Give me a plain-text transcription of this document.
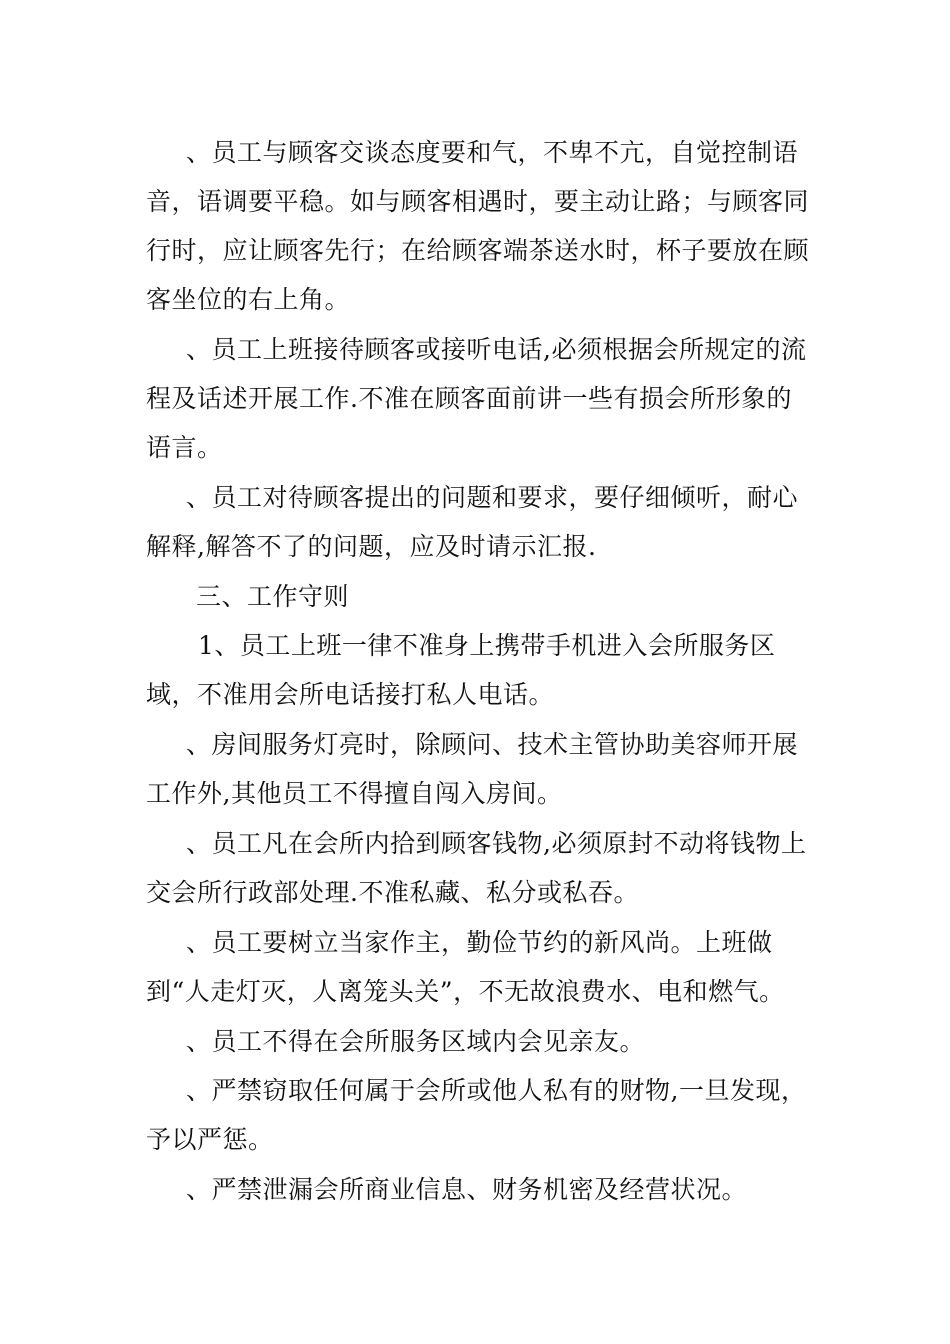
、员工与顾客交谈态度要和气，不卑不亢，自觉控制语音，语调要平稳。如与顾客相遇时，要主动让路；与顾客同行时，应让顾客先行；在给顾客端茶送水时，杯子要放在顾客坐位的右上角。

、员工上班接待顾客或接听电话,必须根据会所规定的流程及话述开展工作.不准在顾客面前讲一些有损会所形象的语言。

、员工对待顾客提出的问题和要求，要仔细倾听，耐心解释,解答不了的问题，应及时请示汇报.

三、工作守则

1、员工上班一律不准身上携带手机进入会所服务区域，不准用会所电话接打私人电话。

、房间服务灯亮时，除顾问、技术主管协助美容师开展工作外,其他员工不得擅自闯入房间。

、员工凡在会所内拾到顾客钱物,必须原封不动将钱物上交会所行政部处理.不准私藏、私分或私吞。

、员工要树立当家作主，勤俭节约的新风尚。上班做到“人走灯灭，人离笼头关”，不无故浪费水、电和燃气。

、员工不得在会所服务区域内会见亲友。

、严禁窃取任何属于会所或他人私有的财物,一旦发现，予以严惩。

、严禁泄漏会所商业信息、财务机密及经营状况。
